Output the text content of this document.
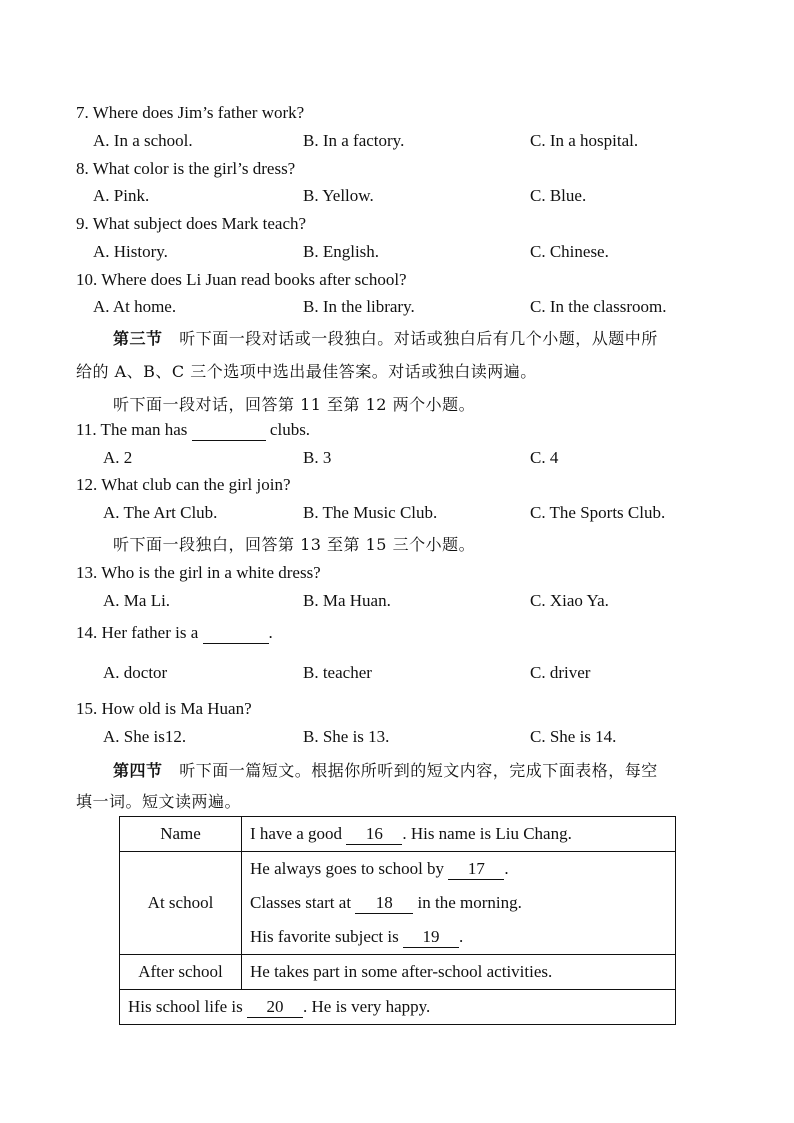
7. Where does Jim’s father work?
A. In a school.	B. In a factory.	C. In a hospital.
8. What color is the girl’s dress?
A. Pink.	B. Yellow.	C. Blue.
9. What subject does Mark teach?
A. History.	B. English.	C. Chinese.
10. Where does Li Juan read books after school?
A. At home.	B. In the library.	C. In the classroom.
第三节 听下面一段对话或一段独白。对话或独白后有几个小题，从题中所
给的 A、B、C 三个选项中选出最佳答案。对话或独白读两遍。
听下面一段对话，回答第 11 至第 12 两个小题。
11. The man has	clubs.
A. 2	B. 3	C. 4
12. What club can the girl join?
A. The Art Club.	B. The Music Club.	C. The Sports Club.
听下面一段独白，回答第 13 至第 15 三个小题。
13. Who is the girl in a white dress?
A. Ma Li.	B. Ma Huan.	C. Xiao Ya.
14. Her father is a	.
A. doctor	B. teacher	C. driver
15. How old is Ma Huan?
A. She is12.	B. She is 13.	C. She is 14.
第四节 听下面一篇短文。根据你所听到的短文内容，完成下面表格，每空
填一词。短文读两遍。
Name	I have a good 16 . His name is Liu Chang.
At school	He always goes to school by 17 .
Classes start at 18 in the morning.
His favorite subject is 19 .

After school	He takes part in some after-school activities.
His school life is 20 . He is very happy.	
